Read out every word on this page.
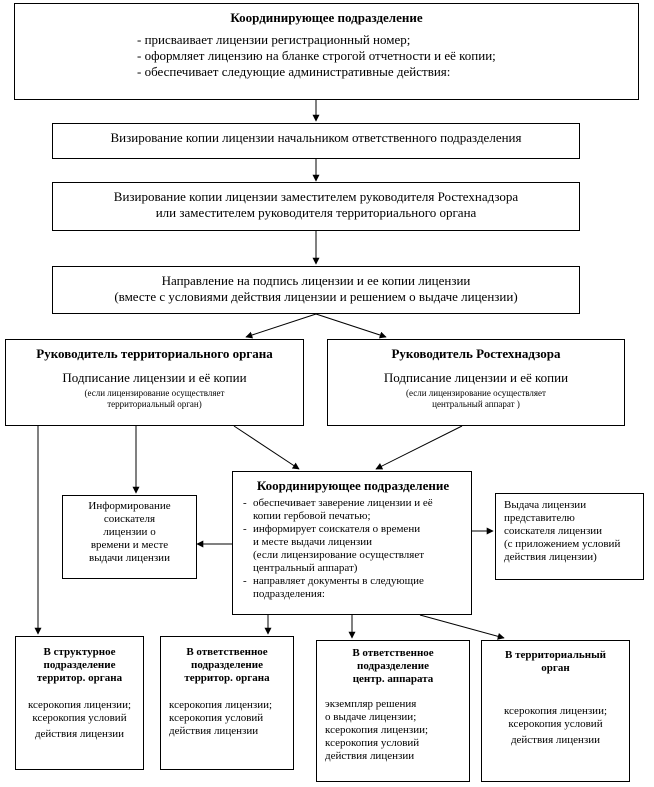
Координирующее подразделение
- присваивает лицензии регистрационный номер;
- оформляет лицензию на бланке строгой отчетности и её копии;
- обеспечивает следующие административные действия:
Визирование копии лицензии начальником ответственного подразделения
Визирование копии лицензии заместителем руководителя Ростехнадзора
или заместителем руководителя территориального органа
Направление на подпись лицензии и ее копии лицензии
(вместе с условиями действия лицензии и решением о выдаче лицензии)
Руководитель территориального органа
Подписание лицензии и её копии
(если лицензирование осуществляет
территориальный орган)
Руководитель Ростехнадзора
Подписание лицензии и её копии
(если лицензирование осуществляет
центральный аппарат )
Координирующее подразделение
- обеспечивает заверение лицензии и её
копии гербовой печатью;
- информирует соискателя о времени
и месте выдачи лицензии
(если лицензирование осуществляет
центральный аппарат)
- направляет документы в следующие
подразделения:
Информирование
соискателя
лицензии о
времени и месте
выдачи лицензии
Выдача лицензии
представителю
соискателя лицензии
(с приложением условий
действия лицензии)
В структурное
подразделение
территор. органа
ксерокопия лицензии;
ксерокопия условий
действия лицензии
В ответственное
подразделение
территор. органа
ксерокопия лицензии;
ксерокопия условий
действия лицензии
В ответственное
подразделение
центр. аппарата
экземпляр решения
о выдаче лицензии;
ксерокопия лицензии;
ксерокопия условий
действия лицензии
В территориальный
орган
ксерокопия лицензии;
ксерокопия условий
действия лицензии
